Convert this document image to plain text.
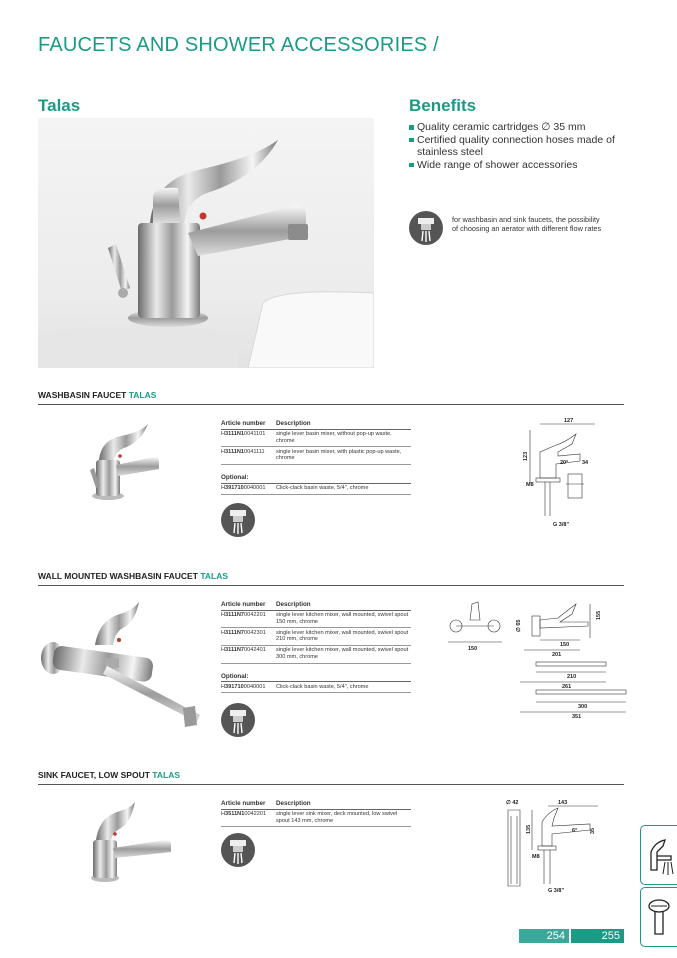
FAUCETS AND SHOWER ACCESSORIES /
Talas	Benefits
Quality ceramic cartridges ∅ 35 mm
Certified quality connection hoses made of stainless steel
Wide range of shower accessories
for washbasin and sink faucets, the possibility of choosing an aerator with different flow rates
WASHBASIN FAUCET TALAS
Article number	Description
H3111N10041101	single lever basin mixer, without pop-up waste, chrome
H3111N10041111	single lever basin mixer, with plastic pop-up waste, chrome
Optional:
H3917100040001	Click-clack basin waste, 5/4", chrome
127
123
20° 34
M8
G 3/8"
WALL MOUNTED WASHBASIN FAUCET TALAS
Article number	Description
H3111N70042201	single lever kitchen mixer, wall mounted, swivel spout 150 mm, chrome
H3111N70042301	single lever kitchen mixer, wall mounted, swivel spout 210 mm, chrome
H3111N70042401	single lever kitchen mixer, wall mounted, swivel spout 300 mm, chrome
Optional:
H3917100040001	Click-clack basin waste, 5/4", chrome
150
∅ 65
155
150
201
210
261
300
351
SINK FAUCET, LOW SPOUT TALAS
Article number	Description
H3511N10042201	single lever sink mixer, deck mounted, low swivel spout 143 mm, chrome
∅ 42	143
135	6° 35
M8
G 3/8"
254	255
